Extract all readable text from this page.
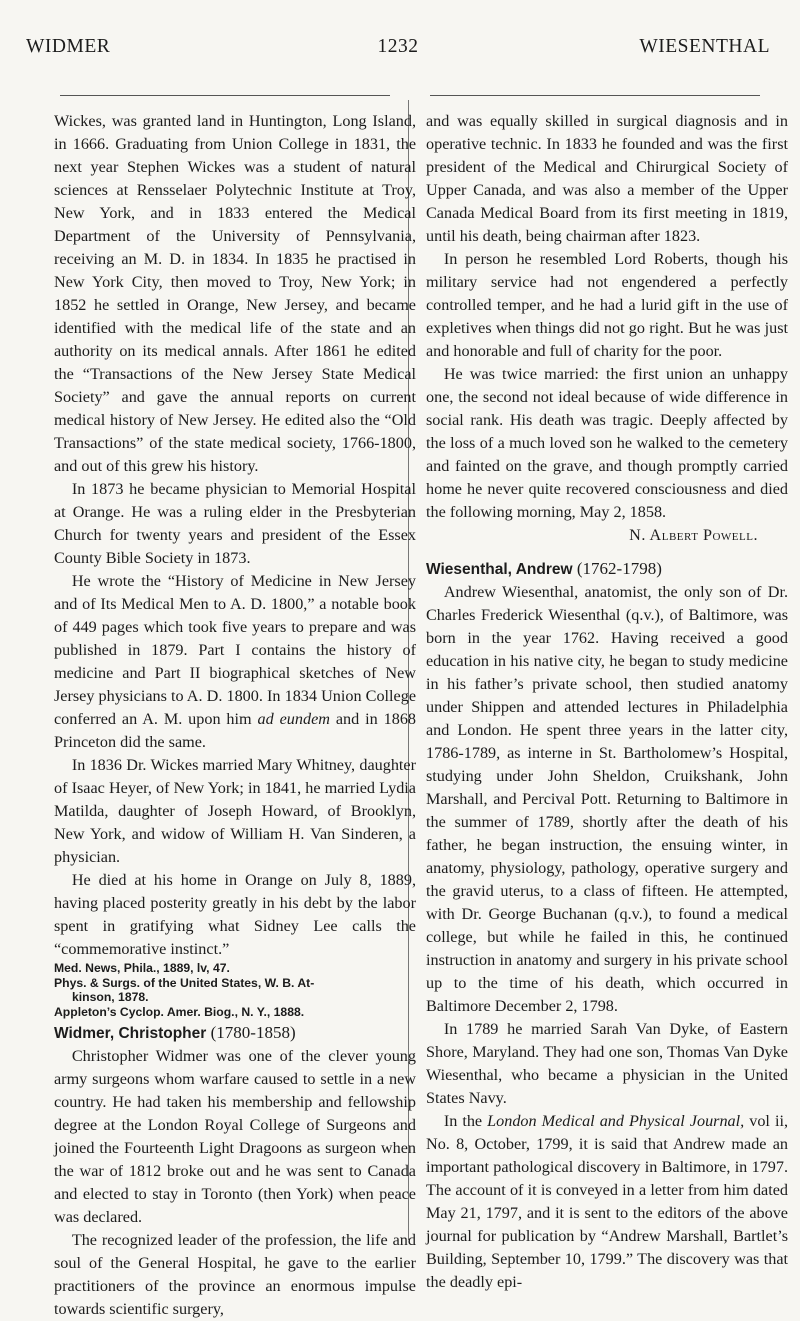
WIDMER	1232	WIESENTHAL

Wickes, was granted land in Huntington, Long Island, in 1666. Graduating from Union College in 1831, the next year Stephen Wickes was a student of natural sciences at Rensselaer Polytechnic Institute at Troy, New York, and in 1833 entered the Medical Department of the University of Pennsylvania, receiving an M. D. in 1834. In 1835 he practised in New York City, then moved to Troy, New York; in 1852 he settled in Orange, New Jersey, and became identified with the medical life of the state and an authority on its medical annals. After 1861 he edited the “Transactions of the New Jersey State Medical Society” and gave the annual reports on current medical history of New Jersey. He edited also the “Old Transactions” of the state medical society, 1766-1800, and out of this grew his history.

In 1873 he became physician to Memorial Hospital at Orange. He was a ruling elder in the Presbyterian Church for twenty years and president of the Essex County Bible Society in 1873.

He wrote the “History of Medicine in New Jersey and of Its Medical Men to A. D. 1800,” a notable book of 449 pages which took five years to prepare and was published in 1879. Part I contains the history of medicine and Part II biographical sketches of New Jersey physicians to A. D. 1800. In 1834 Union College conferred an A. M. upon him ad eundem and in 1868 Princeton did the same.

In 1836 Dr. Wickes married Mary Whitney, daughter of Isaac Heyer, of New York; in 1841, he married Lydia Matilda, daughter of Joseph Howard, of Brooklyn, New York, and widow of William H. Van Sinderen, a physician.

He died at his home in Orange on July 8, 1889, having placed posterity greatly in his debt by the labor spent in gratifying what Sidney Lee calls the “commemorative instinct.”

Med. News, Phila., 1889, lv, 47.
Phys. & Surgs. of the United States, W. B. At-
kinson, 1878.
Appleton’s Cyclop. Amer. Biog., N. Y., 1888.

Widmer, Christopher (1780-1858)

Christopher Widmer was one of the clever young army surgeons whom warfare caused to settle in a new country. He had taken his membership and fellowship degree at the London Royal College of Surgeons and joined the Fourteenth Light Dragoons as surgeon when the war of 1812 broke out and he was sent to Canada and elected to stay in Toronto (then York) when peace was declared.

The recognized leader of the profession, the life and soul of the General Hospital, he gave to the earlier practitioners of the province an enormous impulse towards scientific surgery,

and was equally skilled in surgical diagnosis and in operative technic. In 1833 he founded and was the first president of the Medical and Chirurgical Society of Upper Canada, and was also a member of the Upper Canada Medical Board from its first meeting in 1819, until his death, being chairman after 1823.

In person he resembled Lord Roberts, though his military service had not engendered a perfectly controlled temper, and he had a lurid gift in the use of expletives when things did not go right. But he was just and honorable and full of charity for the poor.

He was twice married: the first union an unhappy one, the second not ideal because of wide difference in social rank. His death was tragic. Deeply affected by the loss of a much loved son he walked to the cemetery and fainted on the grave, and though promptly carried home he never quite recovered consciousness and died the following morning, May 2, 1858.

N. Albert Powell.

Wiesenthal, Andrew (1762-1798)

Andrew Wiesenthal, anatomist, the only son of Dr. Charles Frederick Wiesenthal (q.v.), of Baltimore, was born in the year 1762. Having received a good education in his native city, he began to study medicine in his father’s private school, then studied anatomy under Shippen and attended lectures in Philadelphia and London. He spent three years in the latter city, 1786-1789, as interne in St. Bartholomew’s Hospital, studying under John Sheldon, Cruikshank, John Marshall, and Percival Pott. Returning to Baltimore in the summer of 1789, shortly after the death of his father, he began instruction, the ensuing winter, in anatomy, physiology, pathology, operative surgery and the gravid uterus, to a class of fifteen. He attempted, with Dr. George Buchanan (q.v.), to found a medical college, but while he failed in this, he continued instruction in anatomy and surgery in his private school up to the time of his death, which occurred in Baltimore December 2, 1798.

In 1789 he married Sarah Van Dyke, of Eastern Shore, Maryland. They had one son, Thomas Van Dyke Wiesenthal, who became a physician in the United States Navy.

In the London Medical and Physical Journal, vol ii, No. 8, October, 1799, it is said that Andrew made an important pathological discovery in Baltimore, in 1797. The account of it is conveyed in a letter from him dated May 21, 1797, and it is sent to the editors of the above journal for publication by “Andrew Marshall, Bartlet’s Building, September 10, 1799.” The discovery was that the deadly epi-
